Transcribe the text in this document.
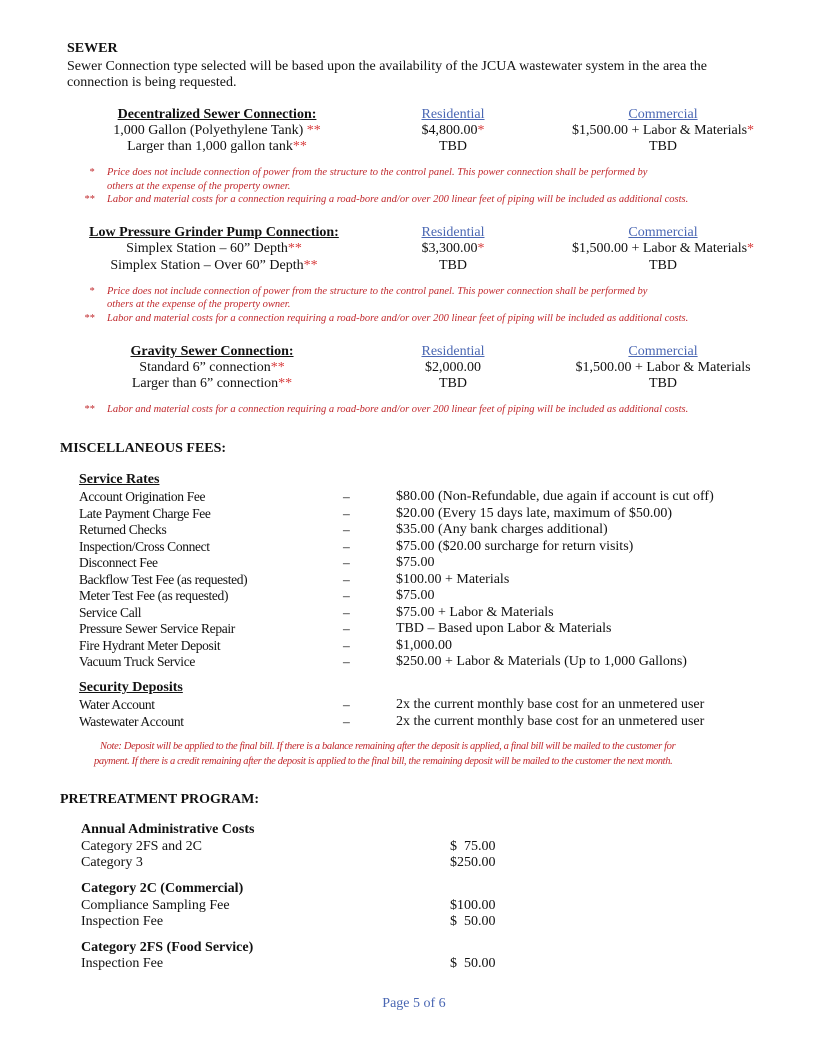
SEWER
Sewer Connection type selected will be based upon the availability of the JCUA wastewater system in the area the
connection is being requested.
Decentralized Sewer Connection:	Residential	Commercial
1,000 Gallon (Polyethylene Tank) **	$4,800.00*	$1,500.00 + Labor & Materials*
Larger than 1,000 gallon tank**	TBD	TBD
* Price does not include connection of power from the structure to the control panel. This power connection shall be performed by
others at the expense of the property owner.
** Labor and material costs for a connection requiring a road-bore and/or over 200 linear feet of piping will be included as additional costs.
Low Pressure Grinder Pump Connection:	Residential	Commercial
Simplex Station – 60” Depth**	$3,300.00*	$1,500.00 + Labor & Materials*
Simplex Station – Over 60” Depth**	TBD	TBD
* Price does not include connection of power from the structure to the control panel. This power connection shall be performed by
others at the expense of the property owner.
** Labor and material costs for a connection requiring a road-bore and/or over 200 linear feet of piping will be included as additional costs.
Gravity Sewer Connection:	Residential	Commercial
Standard 6” connection**	$2,000.00	$1,500.00 + Labor & Materials
Larger than 6” connection**	TBD	TBD
** Labor and material costs for a connection requiring a road-bore and/or over 200 linear feet of piping will be included as additional costs.
MISCELLANEOUS FEES:
Service Rates
Account Origination Fee	–	$80.00 (Non-Refundable, due again if account is cut off)
Late Payment Charge Fee	–	$20.00 (Every 15 days late, maximum of $50.00)
Returned Checks	–	$35.00 (Any bank charges additional)
Inspection/Cross Connect	–	$75.00 ($20.00 surcharge for return visits)
Disconnect Fee	–	$75.00
Backflow Test Fee (as requested)	–	$100.00 + Materials
Meter Test Fee (as requested)	–	$75.00
Service Call	–	$75.00 + Labor & Materials
Pressure Sewer Service Repair	–	TBD – Based upon Labor & Materials
Fire Hydrant Meter Deposit	–	$1,000.00
Vacuum Truck Service	–	$250.00 + Labor & Materials (Up to 1,000 Gallons)
Security Deposits
Water Account	–	2x the current monthly base cost for an unmetered user
Wastewater Account	–	2x the current monthly base cost for an unmetered user
Note: Deposit will be applied to the final bill. If there is a balance remaining after the deposit is applied, a final bill will be mailed to the customer for
payment. If there is a credit remaining after the deposit is applied to the final bill, the remaining deposit will be mailed to the customer the next month.
PRETREATMENT PROGRAM:
Annual Administrative Costs
Category 2FS and 2C	$  75.00
Category 3	$250.00
Category 2C (Commercial)
Compliance Sampling Fee	$100.00
Inspection Fee	$  50.00
Category 2FS (Food Service)
Inspection Fee	$  50.00
Page 5 of 6
